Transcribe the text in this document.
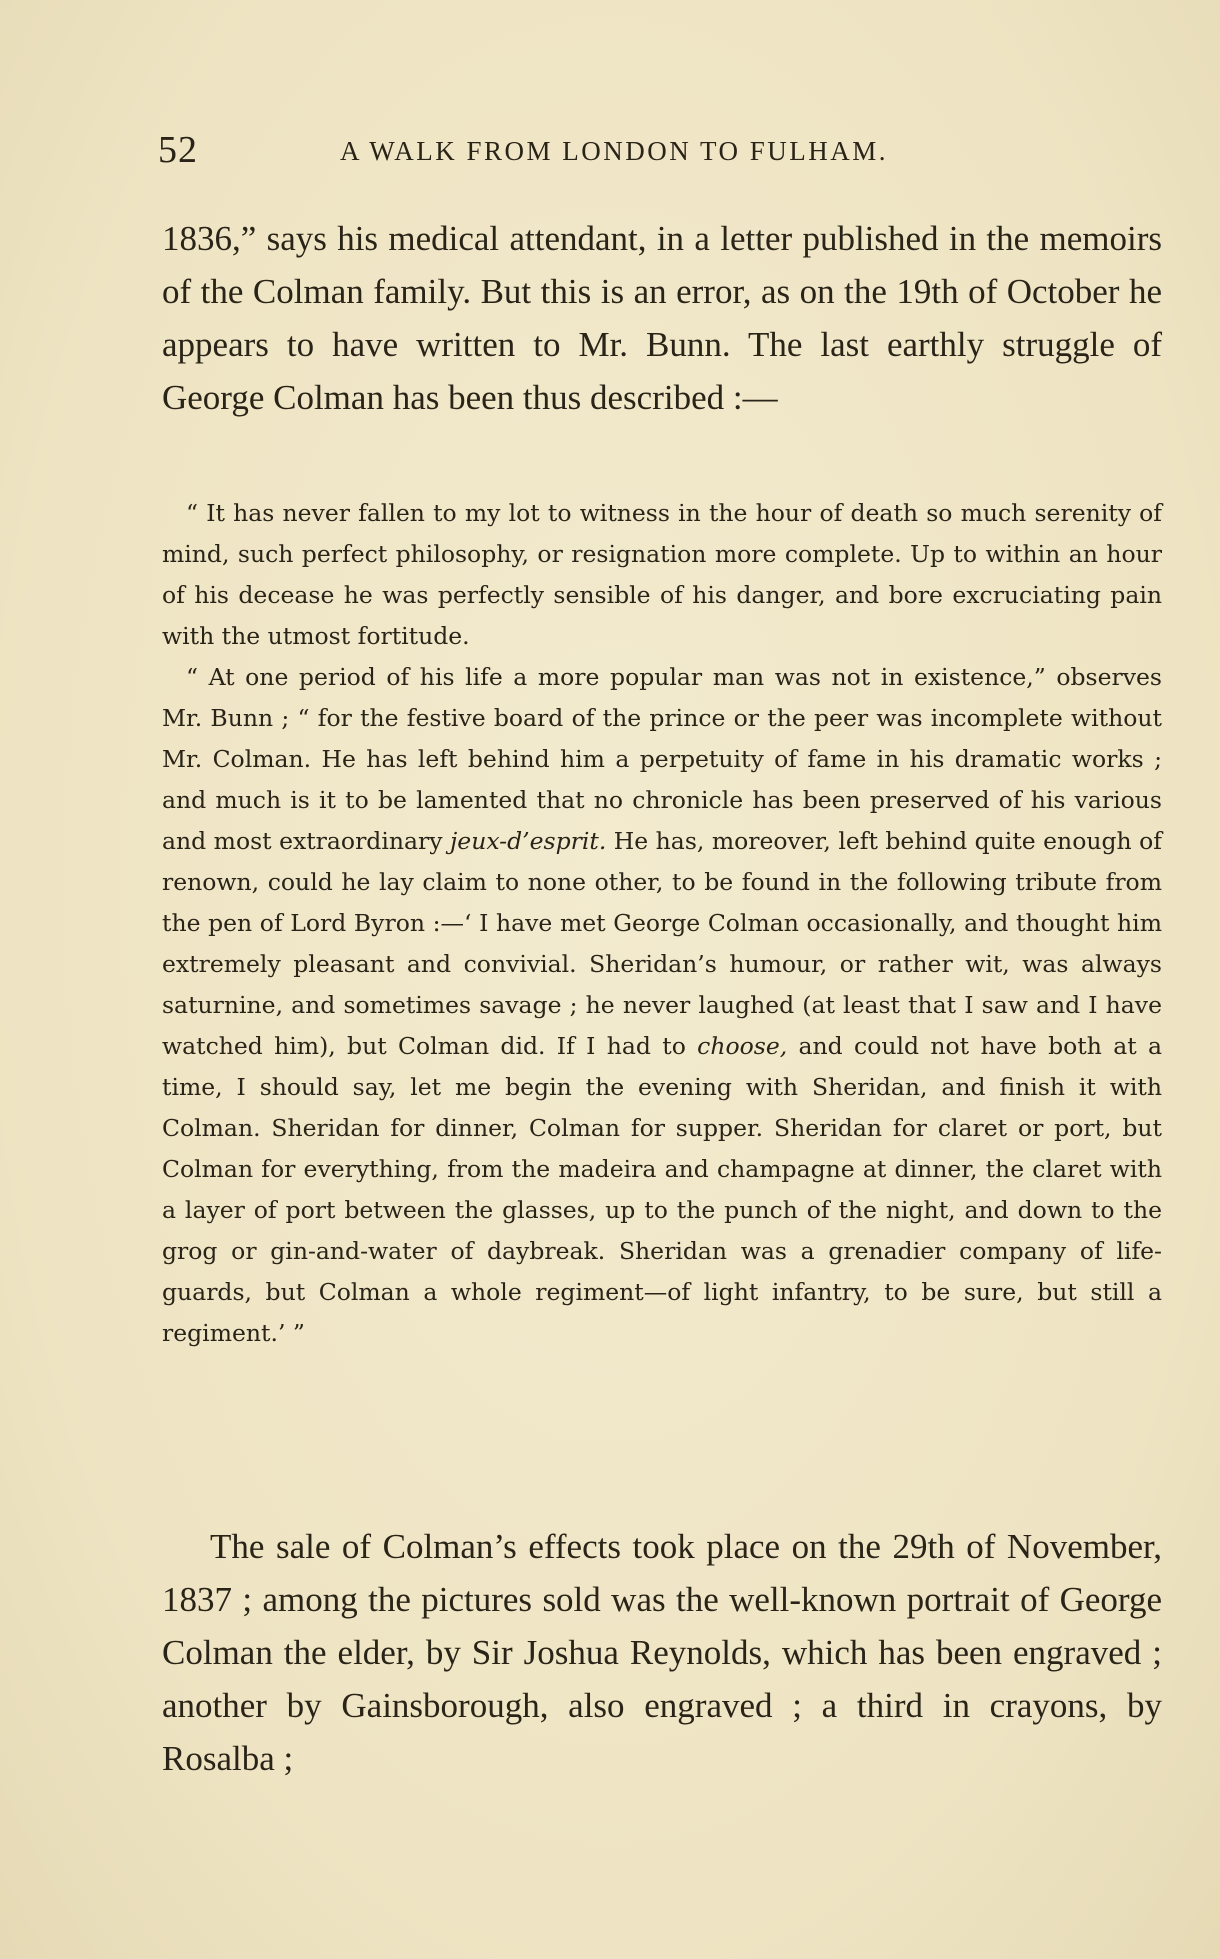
52	A WALK FROM LONDON TO FULHAM.

1836,” says his medical attendant, in a letter published in the memoirs of the Colman family. But this is an error, as on the 19th of October he appears to have written to Mr. Bunn. The last earthly struggle of George Colman has been thus described :—

“ It has never fallen to my lot to witness in the hour of death so much serenity of mind, such perfect philosophy, or resignation more complete. Up to within an hour of his decease he was perfectly sensible of his danger, and bore excruciating pain with the utmost fortitude.

“ At one period of his life a more popular man was not in existence,” observes Mr. Bunn ; “ for the festive board of the prince or the peer was incomplete without Mr. Colman. He has left behind him a perpetuity of fame in his dramatic works ; and much is it to be lamented that no chronicle has been preserved of his various and most extraordinary jeux-d’esprit. He has, moreover, left behind quite enough of renown, could he lay claim to none other, to be found in the following tribute from the pen of Lord Byron :—‘ I have met George Colman occasionally, and thought him extremely pleasant and convivial. Sheridan’s humour, or rather wit, was always saturnine, and sometimes savage ; he never laughed (at least that I saw and I have watched him), but Colman did. If I had to choose, and could not have both at a time, I should say, let me begin the evening with Sheridan, and finish it with Colman. Sheridan for dinner, Colman for supper. Sheridan for claret or port, but Colman for everything, from the madeira and champagne at dinner, the claret with a layer of port between the glasses, up to the punch of the night, and down to the grog or gin-and-water of daybreak. Sheridan was a grenadier company of life-guards, but Colman a whole regiment—of light infantry, to be sure, but still a regiment.’ ”

The sale of Colman’s effects took place on the 29th of November, 1837 ; among the pictures sold was the well-known portrait of George Colman the elder, by Sir Joshua Reynolds, which has been engraved ; another by Gainsborough, also engraved ; a third in crayons, by Rosalba ;
